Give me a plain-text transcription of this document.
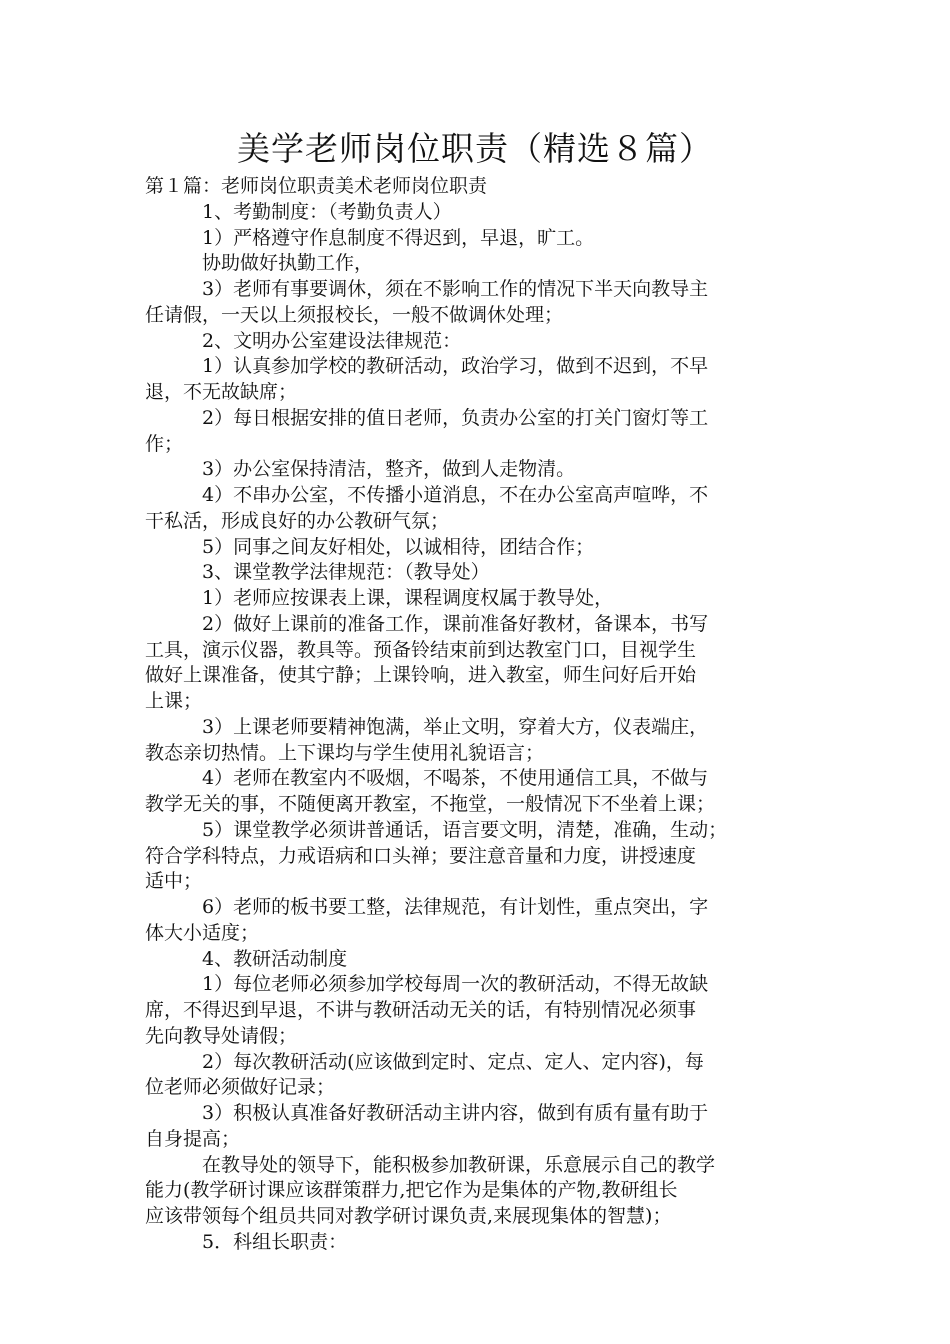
美学老师岗位职责（精选８篇）
第１篇：老师岗位职责美术老师岗位职责
1、考勤制度：（考勤负责人）
1）严格遵守作息制度不得迟到，早退，旷工。
协助做好执勤工作，
3）老师有事要调休，须在不影响工作的情况下半天向教导主
任请假，一天以上须报校长，一般不做调休处理；
2、文明办公室建设法律规范：
1）认真参加学校的教研活动，政治学习，做到不迟到，不早
退，不无故缺席；
2）每日根据安排的值日老师，负责办公室的打关门窗灯等工
作；
3）办公室保持清洁，整齐，做到人走物清。
4）不串办公室，不传播小道消息，不在办公室高声喧哗，不
干私活，形成良好的办公教研气氛；
5）同事之间友好相处，以诚相待，团结合作；
3、课堂教学法律规范：（教导处）
1）老师应按课表上课，课程调度权属于教导处，
2）做好上课前的准备工作，课前准备好教材，备课本，书写
工具，演示仪器，教具等。预备铃结束前到达教室门口，目视学生
做好上课准备，使其宁静；上课铃响，进入教室，师生问好后开始
上课；
3）上课老师要精神饱满，举止文明，穿着大方，仪表端庄，
教态亲切热情。上下课均与学生使用礼貌语言；
4）老师在教室内不吸烟，不喝茶，不使用通信工具，不做与
教学无关的事，不随便离开教室，不拖堂，一般情况下不坐着上课；
5）课堂教学必须讲普通话，语言要文明，清楚，准确，生动；
符合学科特点，力戒语病和口头禅；要注意音量和力度，讲授速度
适中；
6）老师的板书要工整，法律规范，有计划性，重点突出，字
体大小适度；
4、教研活动制度
1）每位老师必须参加学校每周一次的教研活动，不得无故缺
席，不得迟到早退，不讲与教研活动无关的话，有特别情况必须事
先向教导处请假；
2）每次教研活动(应该做到定时、定点、定人、定内容)，每
位老师必须做好记录；
3）积极认真准备好教研活动主讲内容，做到有质有量有助于
自身提高；
在教导处的领导下，能积极参加教研课，乐意展示自己的教学
能力(教学研讨课应该群策群力,把它作为是集体的产物,教研组长
应该带领每个组员共同对教学研讨课负责,来展现集体的智慧)；
5．科组长职责：
